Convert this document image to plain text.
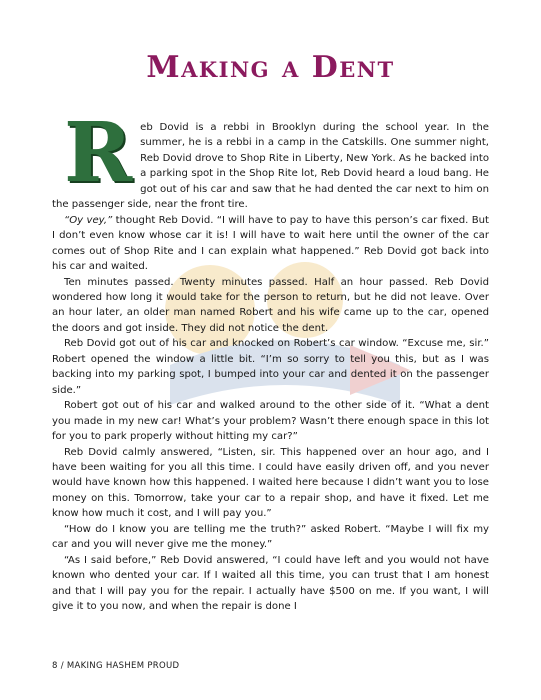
Making a Dent

Reb Dovid is a rebbi in Brooklyn during the school year. In the summer, he is a rebbi in a camp in the Catskills. One summer night, Reb Dovid drove to Shop Rite in Liberty, New York. As he backed into a parking spot in the Shop Rite lot, Reb Dovid heard a loud bang. He got out of his car and saw that he had dented the car next to him on the passenger side, near the front tire.

“Oy vey,” thought Reb Dovid. “I will have to pay to have this person’s car fixed. But I don’t even know whose car it is! I will have to wait here until the owner of the car comes out of Shop Rite and I can explain what happened.” Reb Dovid got back into his car and waited.

Ten minutes passed. Twenty minutes passed. Half an hour passed. Reb Dovid wondered how long it would take for the person to return, but he did not leave. Over an hour later, an older man named Robert and his wife came up to the car, opened the doors and got inside. They did not notice the dent.

Reb Dovid got out of his car and knocked on Robert’s car window. “Excuse me, sir.” Robert opened the window a little bit. “I’m so sorry to tell you this, but as I was backing into my parking spot, I bumped into your car and dented it on the passenger side.”

Robert got out of his car and walked around to the other side of it. “What a dent you made in my new car! What’s your problem? Wasn’t there enough space in this lot for you to park properly without hitting my car?”

Reb Dovid calmly answered, “Listen, sir. This happened over an hour ago, and I have been waiting for you all this time. I could have easily driven off, and you never would have known how this happened. I waited here because I didn’t want you to lose money on this. Tomorrow, take your car to a repair shop, and have it fixed. Let me know how much it cost, and I will pay you.”

“How do I know you are telling me the truth?” asked Robert. “Maybe I will fix my car and you will never give me the money.”

“As I said before,” Reb Dovid answered, “I could have left and you would not have known who dented your car. If I waited all this time, you can trust that I am honest and that I will pay you for the repair. I actually have $500 on me. If you want, I will give it to you now, and when the repair is done I

8 / MAKING HASHEM PROUD
